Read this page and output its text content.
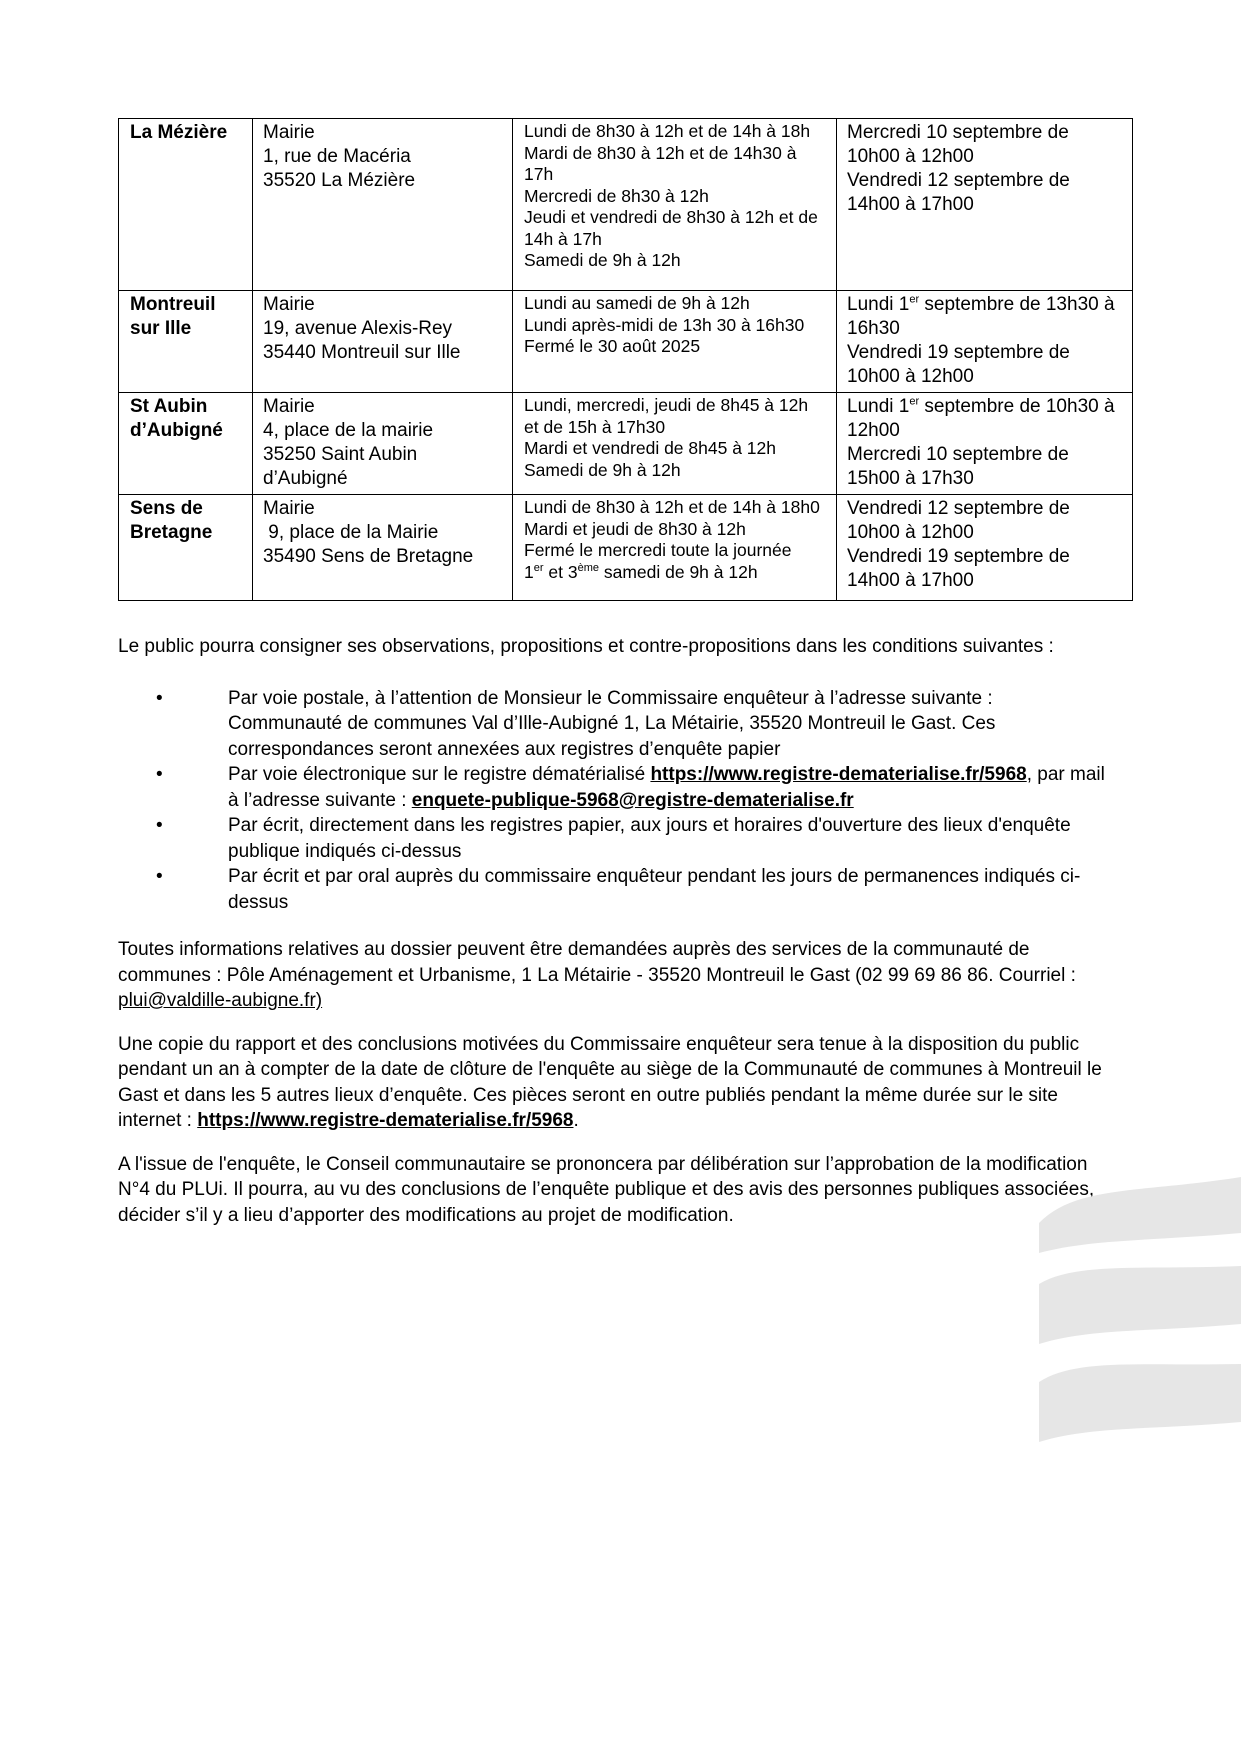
La Mézière	Mairie
1, rue de Macéria
35520 La Mézière	Lundi de 8h30 à 12h et de 14h à 18h
Mardi de 8h30 à 12h et de 14h30 à 17h
Mercredi de 8h30 à 12h
Jeudi et vendredi de 8h30 à 12h et de 14h à 17h
Samedi de 9h à 12h	Mercredi 10 septembre de 10h00 à 12h00
Vendredi 12 septembre de 14h00 à 17h00

Montreuil
sur Ille	Mairie
19, avenue Alexis-Rey
35440 Montreuil sur Ille	Lundi au samedi de 9h à 12h
Lundi après-midi de 13h 30 à 16h30
Fermé le 30 août 2025	Lundi 1er septembre de 13h30 à 16h30
Vendredi 19 septembre de 10h00 à 12h00

St Aubin
d’Aubigné	Mairie
4, place de la mairie
35250 Saint Aubin
d’Aubigné	Lundi, mercredi, jeudi de 8h45 à 12h et de 15h à 17h30
Mardi et vendredi de 8h45 à 12h
Samedi de 9h à 12h	Lundi 1er septembre de 10h30 à 12h00
Mercredi 10 septembre de 15h00 à 17h30

Sens de
Bretagne	Mairie
9, place de la Mairie
35490 Sens de Bretagne	Lundi de 8h30 à 12h et de 14h à 18h0
Mardi et jeudi de 8h30 à 12h
Fermé le mercredi toute la journée
1er et 3ème samedi de 9h à 12h	Vendredi 12 septembre de 10h00 à 12h00
Vendredi 19 septembre de 14h00 à 17h00

Le public pourra consigner ses observations, propositions et contre-propositions dans les conditions suivantes :

•	Par voie postale, à l’attention de Monsieur le Commissaire enquêteur à l’adresse suivante : Communauté de communes Val d’Ille-Aubigné 1, La Métairie, 35520 Montreuil le Gast. Ces correspondances seront annexées aux registres d’enquête papier
•	Par voie électronique sur le registre dématérialisé https://www.registre-dematerialise.fr/5968, par mail à l’adresse suivante : enquete-publique-5968@registre-dematerialise.fr
•	Par écrit, directement dans les registres papier, aux jours et horaires d'ouverture des lieux d'enquête publique indiqués ci-dessus
•	Par écrit et par oral auprès du commissaire enquêteur pendant les jours de permanences indiqués ci-dessus

Toutes informations relatives au dossier peuvent être demandées auprès des services de la communauté de communes : Pôle Aménagement et Urbanisme, 1 La Métairie - 35520 Montreuil le Gast (02 99 69 86 86. Courriel : plui@valdille-aubigne.fr)

Une copie du rapport et des conclusions motivées du Commissaire enquêteur sera tenue à la disposition du public pendant un an à compter de la date de clôture de l'enquête au siège de la Communauté de communes à Montreuil le Gast et dans les 5 autres lieux d’enquête. Ces pièces seront en outre publiés pendant la même durée sur le site internet : https://www.registre-dematerialise.fr/5968.

A l'issue de l'enquête, le Conseil communautaire se prononcera par délibération sur l’approbation de la modification N°4 du PLUi. Il pourra, au vu des conclusions de l’enquête publique et des avis des personnes publiques associées, décider s’il y a lieu d’apporter des modifications au projet de modification.
